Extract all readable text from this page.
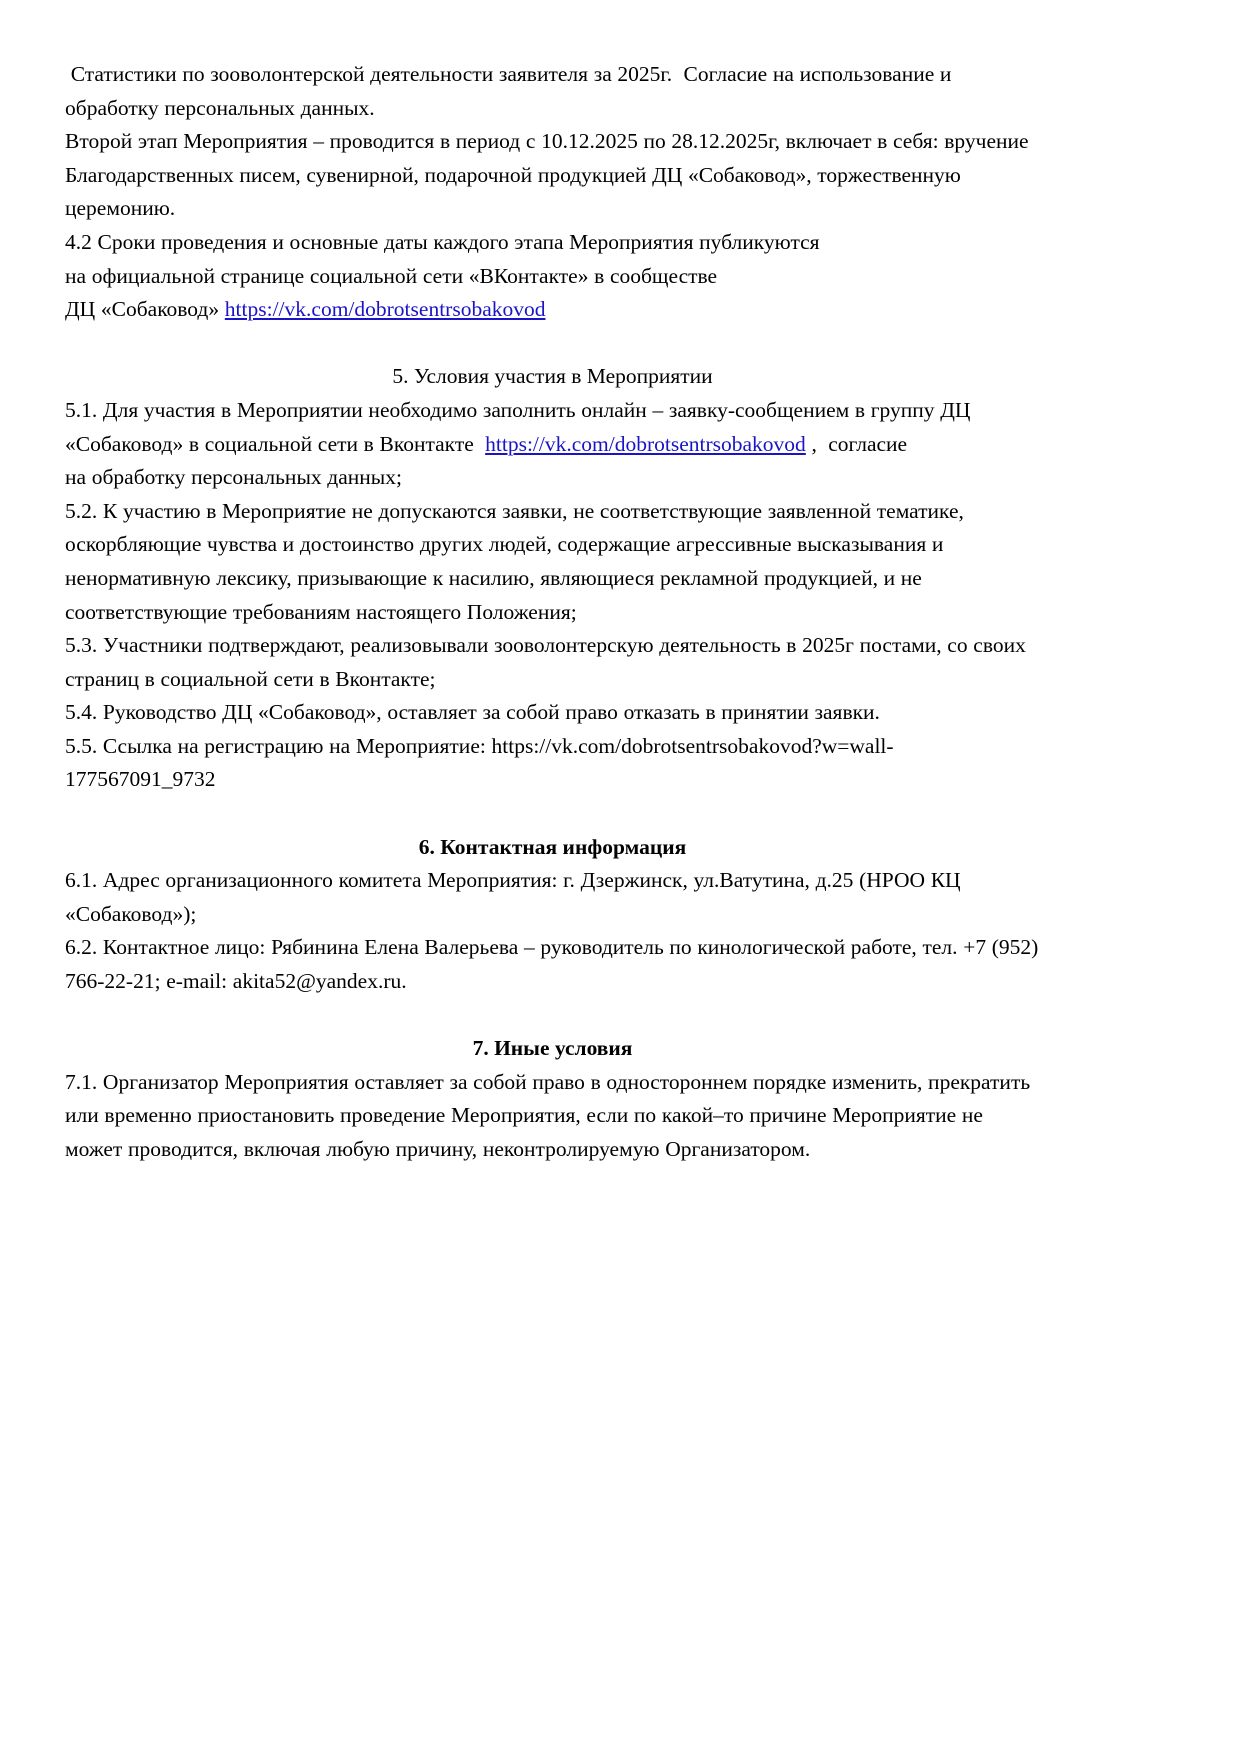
Статистики по зооволонтерской деятельности заявителя за 2025г.  Согласие на использование и обработку персональных данных.

Второй этап Мероприятия – проводится в период с 10.12.2025 по 28.12.2025г, включает в себя: вручение Благодарственных писем, сувенирной, подарочной продукцией ДЦ «Собаковод», торжественную церемонию.

4.2 Сроки проведения и основные даты каждого этапа Мероприятия публикуются

на официальной странице социальной сети «ВКонтакте» в сообществе

ДЦ «Собаковод» https://vk.com/dobrotsentrsobakovod

5. Условия участия в Мероприятии

5.1. Для участия в Мероприятии необходимо заполнить онлайн – заявку-сообщением в группу ДЦ «Собаковод» в социальной сети в Вконтакте  https://vk.com/dobrotsentrsobakovod ,  согласие

на обработку персональных данных;

5.2. К участию в Мероприятие не допускаются заявки, не соответствующие заявленной тематике, оскорбляющие чувства и достоинство других людей, содержащие агрессивные высказывания и ненормативную лексику, призывающие к насилию, являющиеся рекламной продукцией, и не соответствующие требованиям настоящего Положения;

5.3. Участники подтверждают, реализовывали зооволонтерскую деятельность в 2025г постами, со своих страниц в социальной сети в Вконтакте;

5.4. Руководство ДЦ «Собаковод», оставляет за собой право отказать в принятии заявки.

5.5. Ссылка на регистрацию на Мероприятие: https://vk.com/dobrotsentrsobakovod?w=wall-177567091_9732

6. Контактная информация

6.1. Адрес организационного комитета Мероприятия: г. Дзержинск, ул.Ватутина, д.25 (НРОО КЦ «Собаковод»);

6.2. Контактное лицо: Рябинина Елена Валерьева – руководитель по кинологической работе, тел. +7 (952) 766-22-21; e-mail: akita52@yandex.ru.

7. Иные условия

7.1. Организатор Мероприятия оставляет за собой право в одностороннем порядке изменить, прекратить или временно приостановить проведение Мероприятия, если по какой–то причине Мероприятие не может проводится, включая любую причину, неконтролируемую Организатором.
